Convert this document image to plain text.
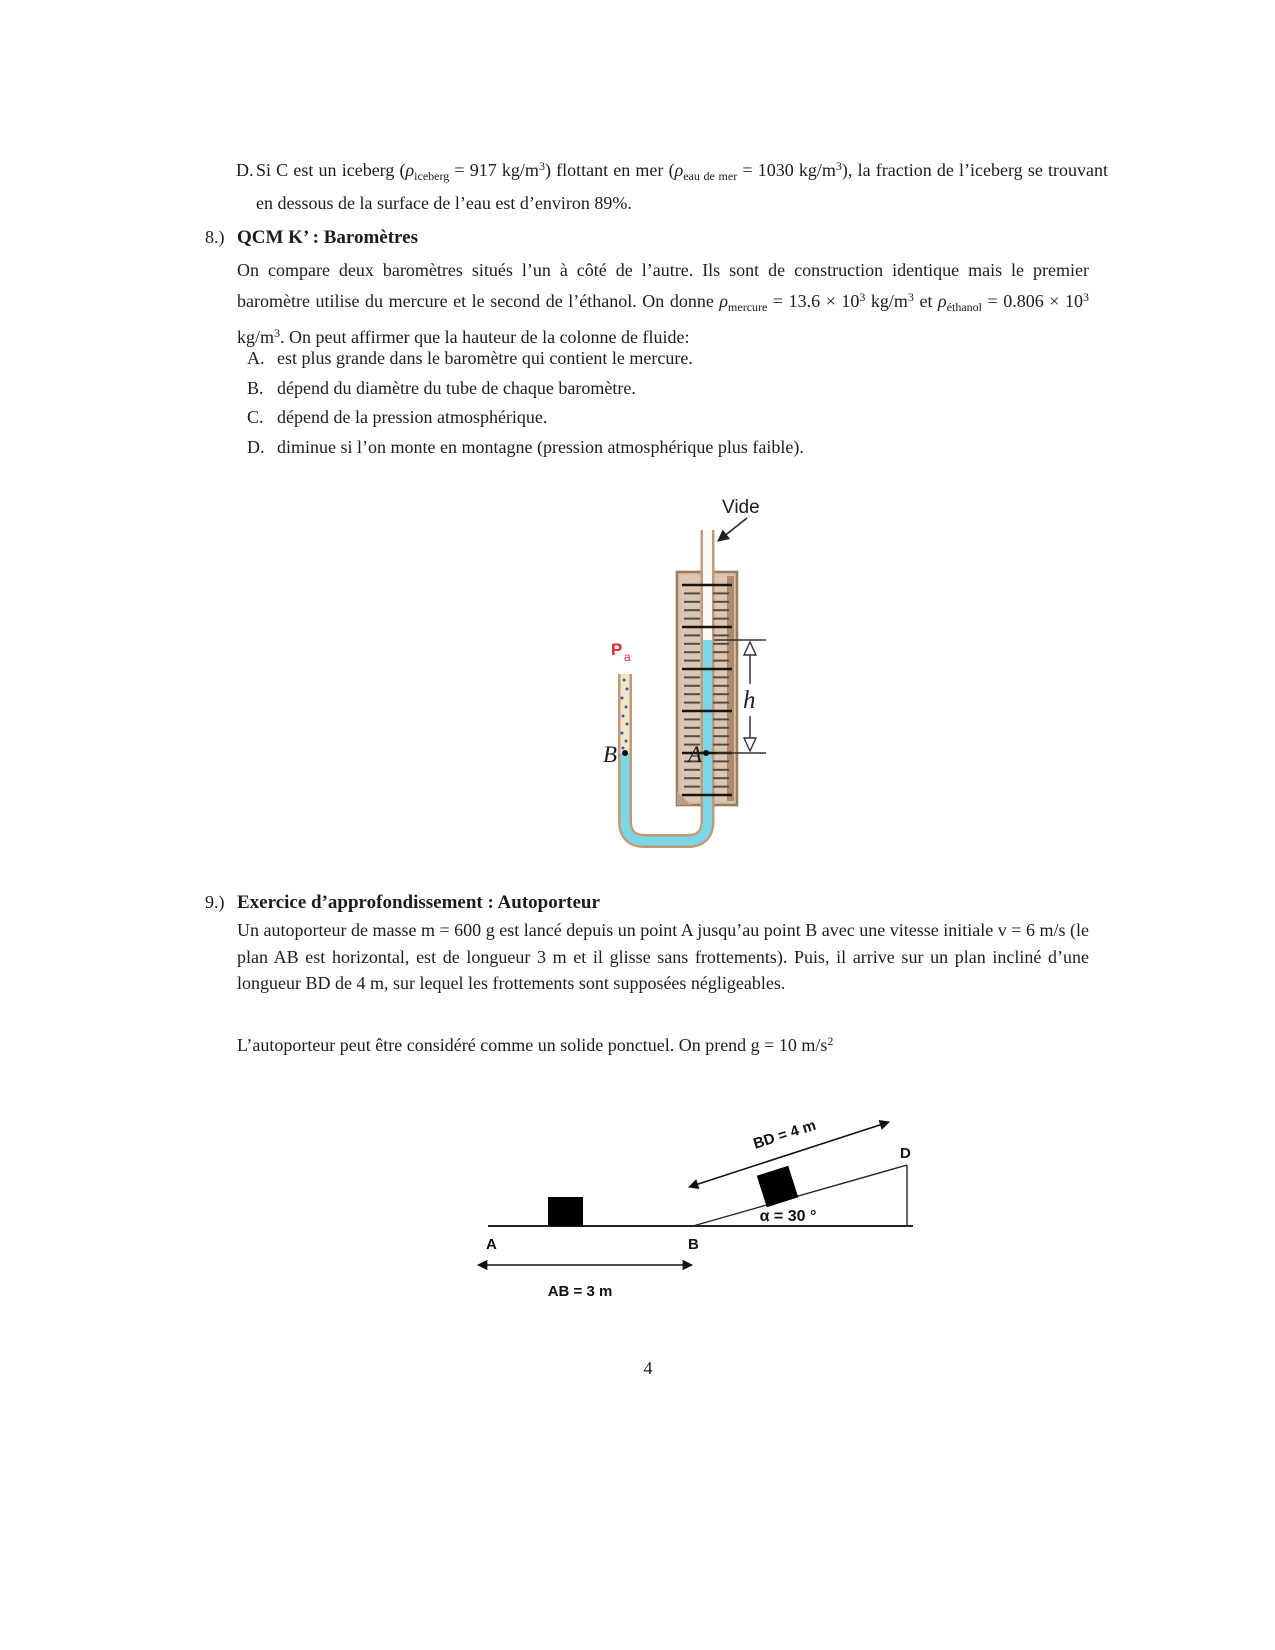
D. Si C est un iceberg ($\rho_{iceberg} = 917$ $kg/m^3$) flottant en mer ($\rho_{eau de mer} = 1030$ $kg/m^3$), la fraction de l’iceberg se trouvant en dessous de la surface de l’eau est d’environ 89%.
8.) QCM K’ : Baromètres
On compare deux baromètres situés l’un à côté de l’autre. Ils sont de construction identique mais le premier baromètre utilise du mercure et le second de l’éthanol. On donne $\rho_{mercure} = 13.6 \times 10^3$ $kg/m^3$ et $\rho_{éthanol} = 0.806 \times 10^3$ $kg/m^3$. On peut affirmer que la hauteur de la colonne de fluide:
A. est plus grande dans le baromètre qui contient le mercure.
B. dépend du diamètre du tube de chaque baromètre.
C. dépend de la pression atmosphérique.
D. diminue si l’on monte en montagne (pression atmosphérique plus faible).
h
Vide
P a
A
B
9.) Exercice d’approfondissement : Autoporteur
Un autoporteur de masse m = 600 g est lancé depuis un point A jusqu’au point B avec une vitesse initiale v = 6 m/s (le plan AB est horizontal, est de longueur 3 m et il glisse sans frottements). Puis, il arrive sur un plan incliné d’une longueur BD de 4 m, sur lequel les frottements sont supposées négligeables.
L’autoporteur peut être considéré comme un solide ponctuel. On prend g = 10 $m/s^2$
BD = 4 m
D
α = 30 °
A	B
AB = 3 m
4
